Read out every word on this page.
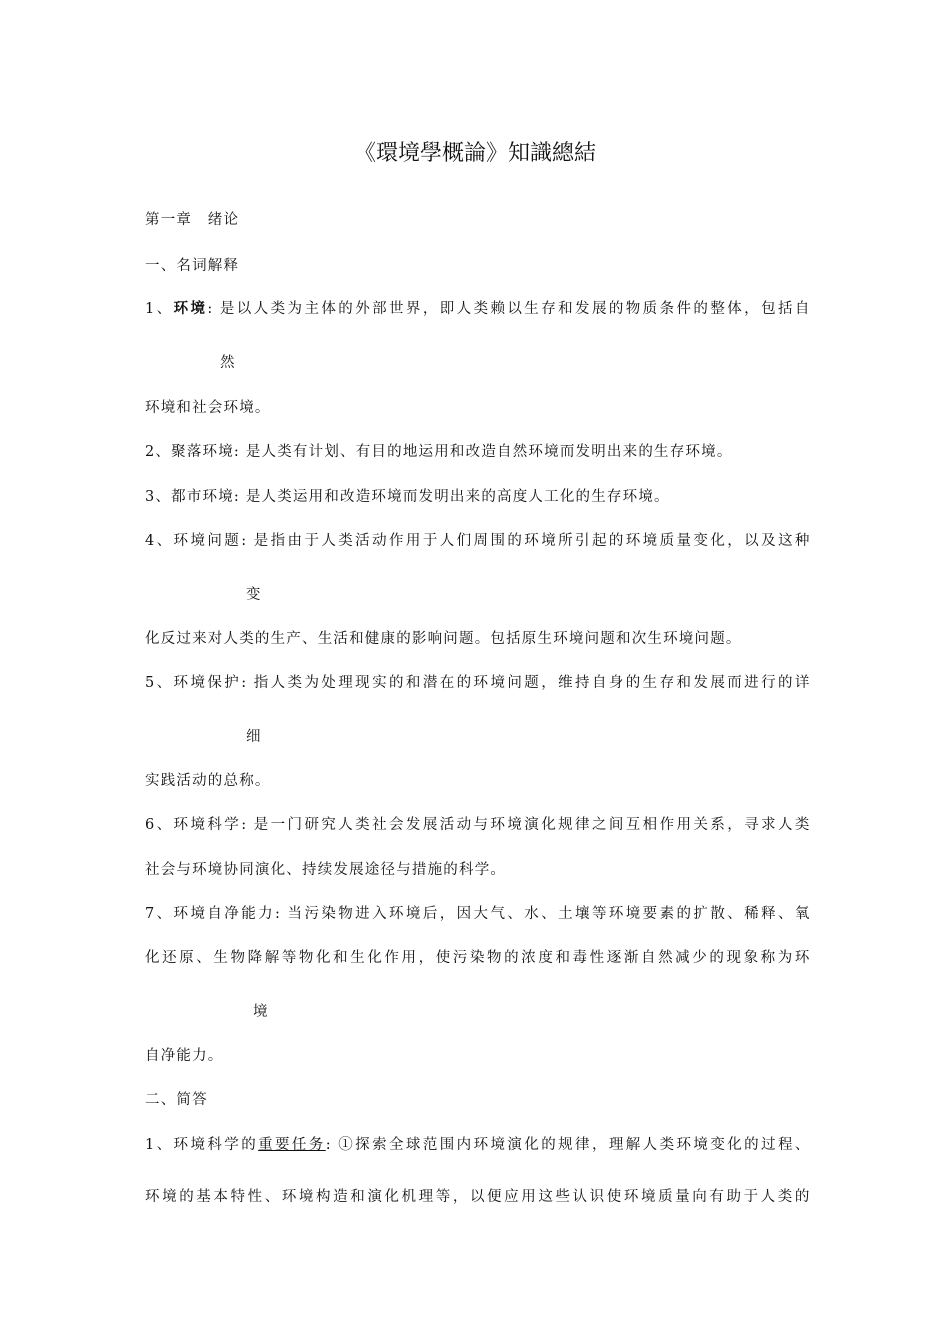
《環境學概論》知識總結
第一章　绪论
一、名词解释
1、环境: 是以人类为主体的外部世界，即人类赖以生存和发展的物质条件的整体，包括自
然
环境和社会环境。
2、聚落环境: 是人类有计划、有目的地运用和改造自然环境而发明出来的生存环境。
3、都市环境: 是人类运用和改造环境而发明出来的高度人工化的生存环境。
4、环境问题: 是指由于人类活动作用于人们周围的环境所引起的环境质量变化，以及这种
变
化反过来对人类的生产、生活和健康的影响问题。包括原生环境问题和次生环境问题。
5、环境保护: 指人类为处理现实的和潜在的环境问题，维持自身的生存和发展而进行的详
细
实践活动的总称。
6、环境科学: 是一门研究人类社会发展活动与环境演化规律之间互相作用关系，寻求人类
社会与环境协同演化、持续发展途径与措施的科学。
7、环境自净能力: 当污染物进入环境后，因大气、水、土壤等环境要素的扩散、稀释、氧
化还原、生物降解等物化和生化作用，使污染物的浓度和毒性逐渐自然减少的现象称为环
境
自净能力。
二、简答
1、环境科学的重要任务: ①探索全球范围内环境演化的规律，理解人类环境变化的过程、
环境的基本特性、环境构造和演化机理等，以便应用这些认识使环境质量向有助于人类的
